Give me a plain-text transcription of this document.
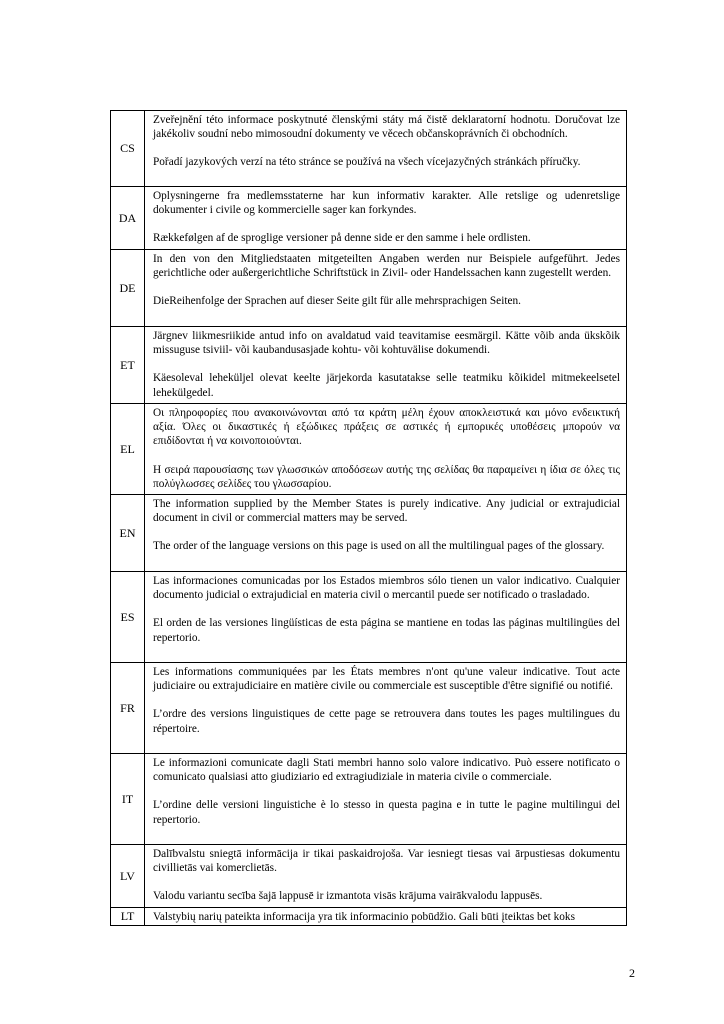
CS	Zveřejnění této informace poskytnuté členskými státy má čistě deklaratorní hodnotu. Doručovat lze jakékoliv soudní nebo mimosoudní dokumenty ve věcech občanskoprávních či obchodních.

Pořadí jazykových verzí na této stránce se používá na všech vícejazyčných stránkách příručky.

DA	Oplysningerne fra medlemsstaterne har kun informativ karakter. Alle retslige og udenretslige dokumenter i civile og kommercielle sager kan forkyndes.

Rækkefølgen af de sproglige versioner på denne side er den samme i hele ordlisten.

DE	In den von den Mitgliedstaaten mitgeteilten Angaben werden nur Beispiele aufgeführt. Jedes gerichtliche oder außergerichtliche Schriftstück in Zivil- oder Handelssachen kann zugestellt werden.

DieReihenfolge der Sprachen auf dieser Seite gilt für alle mehrsprachigen Seiten.

ET	Järgnev liikmesriikide antud info on avaldatud vaid teavitamise eesmärgil. Kätte võib anda ükskõik missuguse tsiviil- või kaubandusasjade kohtu- või kohtuvälise dokumendi.

Käesoleval leheküljel olevat keelte järjekorda kasutatakse selle teatmiku kõikidel mitmekeelsetel lehekülgedel.

EL	Οι πληροφορίες που ανακοινώνονται από τα κράτη μέλη έχουν αποκλειστικά και μόνο ενδεικτική αξία. Όλες οι δικαστικές ή εξώδικες πράξεις σε αστικές ή εμπορικές υποθέσεις μπορούν να επιδίδονται ή να κοινοποιούνται.

Η σειρά παρουσίασης των γλωσσικών αποδόσεων αυτής της σελίδας θα παραμείνει η ίδια σε όλες τις πολύγλωσσες σελίδες του γλωσσαρίου.

EN	The information supplied by the Member States is purely indicative. Any judicial or extrajudicial document in civil or commercial matters may be served.

The order of the language versions on this page is used on all the multilingual pages of the glossary.

ES	Las informaciones comunicadas por los Estados miembros sólo tienen un valor indicativo. Cualquier documento judicial o extrajudicial en materia civil o mercantil puede ser notificado o trasladado.

El orden de las versiones lingüísticas de esta página se mantiene en todas las páginas multilingües del repertorio.

FR	Les informations communiquées par les États membres n'ont qu'une valeur indicative. Tout acte judiciaire ou extrajudiciaire en matière civile ou commerciale est susceptible d'être signifié ou notifié.

L’ordre des versions linguistiques de cette page se retrouvera dans toutes les pages multilingues du répertoire.

IT	Le informazioni comunicate dagli Stati membri hanno solo valore indicativo. Può essere notificato o comunicato qualsiasi atto giudiziario ed extragiudiziale in materia civile o commerciale.

L’ordine delle versioni linguistiche è lo stesso in questa pagina e in tutte le pagine multilingui del repertorio.

LV	Dalībvalstu sniegtā informācija ir tikai paskaidrojoša. Var iesniegt tiesas vai ārpustiesas dokumentu civillietās vai komerclietās.

Valodu variantu secība šajā lappusē ir izmantota visās krājuma vairākvalodu lappusēs.

LT	Valstybių narių pateikta informacija yra tik informacinio pobūdžio. Gali būti įteiktas bet koks
2
